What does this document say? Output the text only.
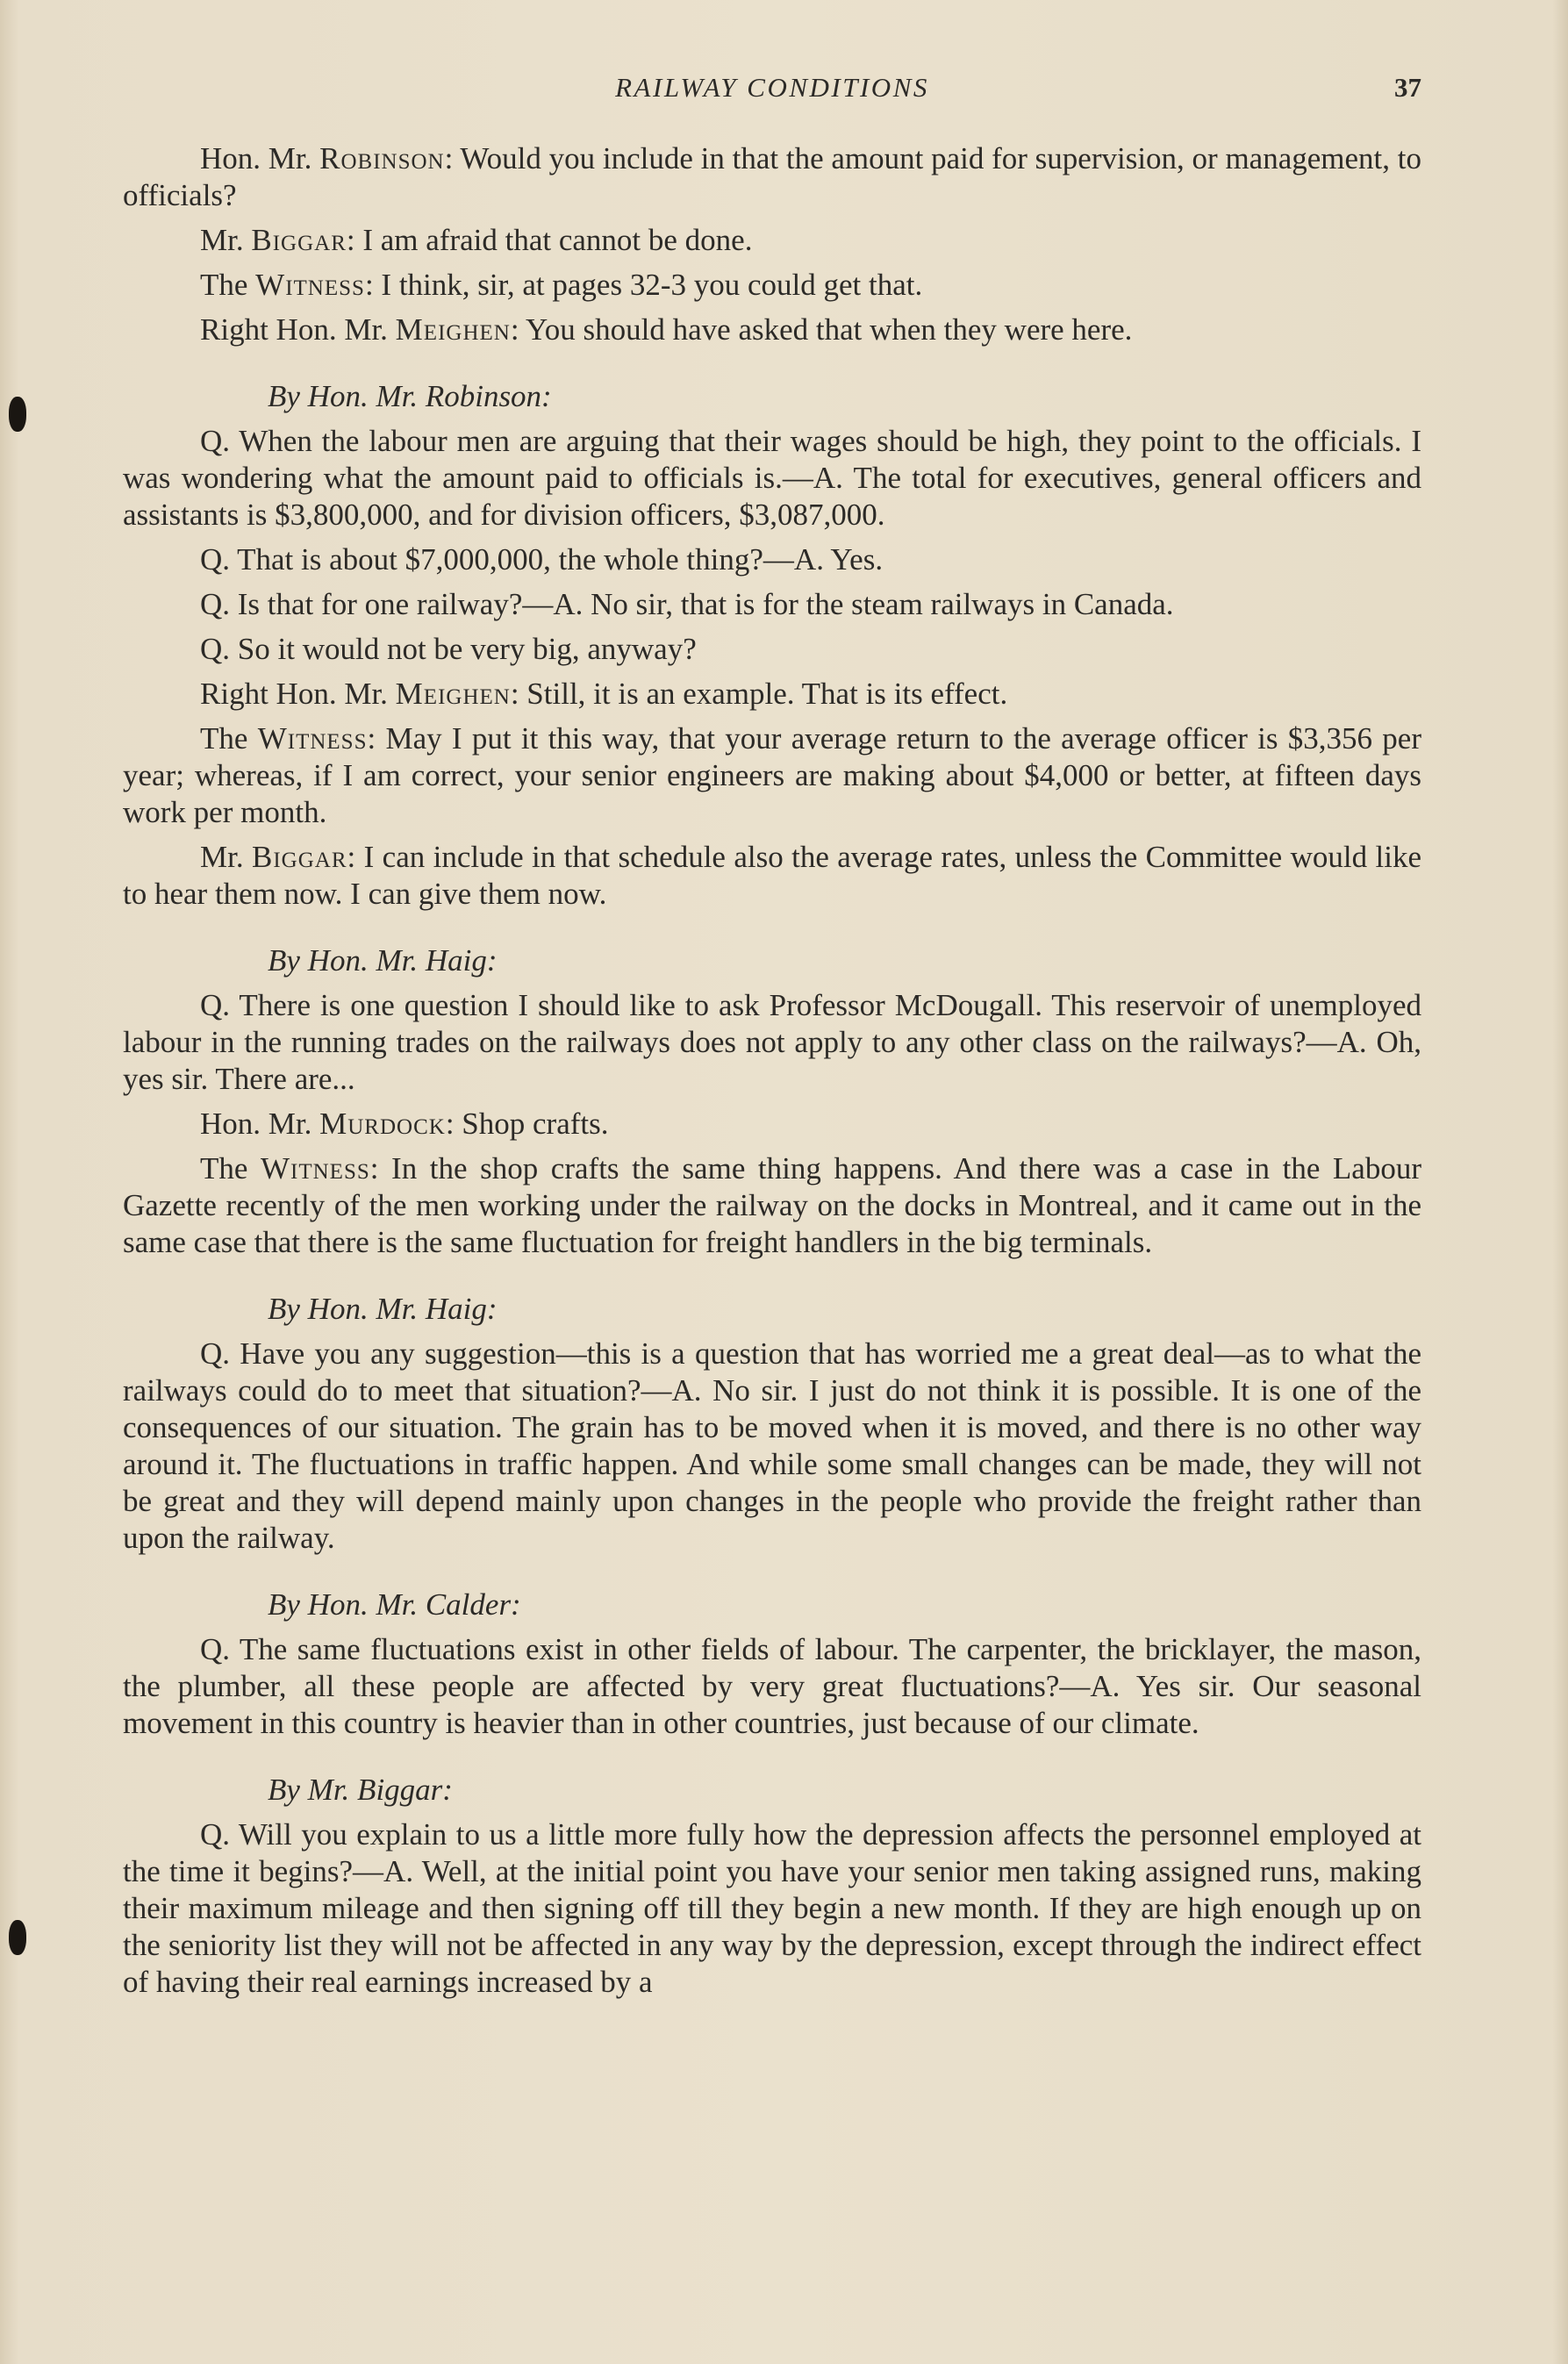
RAILWAY CONDITIONS	37

Hon. Mr. Robinson: Would you include in that the amount paid for supervision, or management, to officials?

Mr. Biggar: I am afraid that cannot be done.

The Witness: I think, sir, at pages 32-3 you could get that.

Right Hon. Mr. Meighen: You should have asked that when they were here.

By Hon. Mr. Robinson:

Q. When the labour men are arguing that their wages should be high, they point to the officials. I was wondering what the amount paid to officials is.—A. The total for executives, general officers and assistants is $3,800,000, and for division officers, $3,087,000.

Q. That is about $7,000,000, the whole thing?—A. Yes.

Q. Is that for one railway?—A. No sir, that is for the steam railways in Canada.

Q. So it would not be very big, anyway?

Right Hon. Mr. Meighen: Still, it is an example. That is its effect.

The Witness: May I put it this way, that your average return to the average officer is $3,356 per year; whereas, if I am correct, your senior engineers are making about $4,000 or better, at fifteen days work per month.

Mr. Biggar: I can include in that schedule also the average rates, unless the Committee would like to hear them now. I can give them now.

By Hon. Mr. Haig:

Q. There is one question I should like to ask Professor McDougall. This reservoir of unemployed labour in the running trades on the railways does not apply to any other class on the railways?—A. Oh, yes sir. There are...

Hon. Mr. Murdock: Shop crafts.

The Witness: In the shop crafts the same thing happens. And there was a case in the Labour Gazette recently of the men working under the railway on the docks in Montreal, and it came out in the same case that there is the same fluctuation for freight handlers in the big terminals.

By Hon. Mr. Haig:

Q. Have you any suggestion—this is a question that has worried me a great deal—as to what the railways could do to meet that situation?—A. No sir. I just do not think it is possible. It is one of the consequences of our situation. The grain has to be moved when it is moved, and there is no other way around it. The fluctuations in traffic happen. And while some small changes can be made, they will not be great and they will depend mainly upon changes in the people who provide the freight rather than upon the railway.

By Hon. Mr. Calder:

Q. The same fluctuations exist in other fields of labour. The carpenter, the bricklayer, the mason, the plumber, all these people are affected by very great fluctuations?—A. Yes sir. Our seasonal movement in this country is heavier than in other countries, just because of our climate.

By Mr. Biggar:

Q. Will you explain to us a little more fully how the depression affects the personnel employed at the time it begins?—A. Well, at the initial point you have your senior men taking assigned runs, making their maximum mileage and then signing off till they begin a new month. If they are high enough up on the seniority list they will not be affected in any way by the depression, except through the indirect effect of having their real earnings increased by a
